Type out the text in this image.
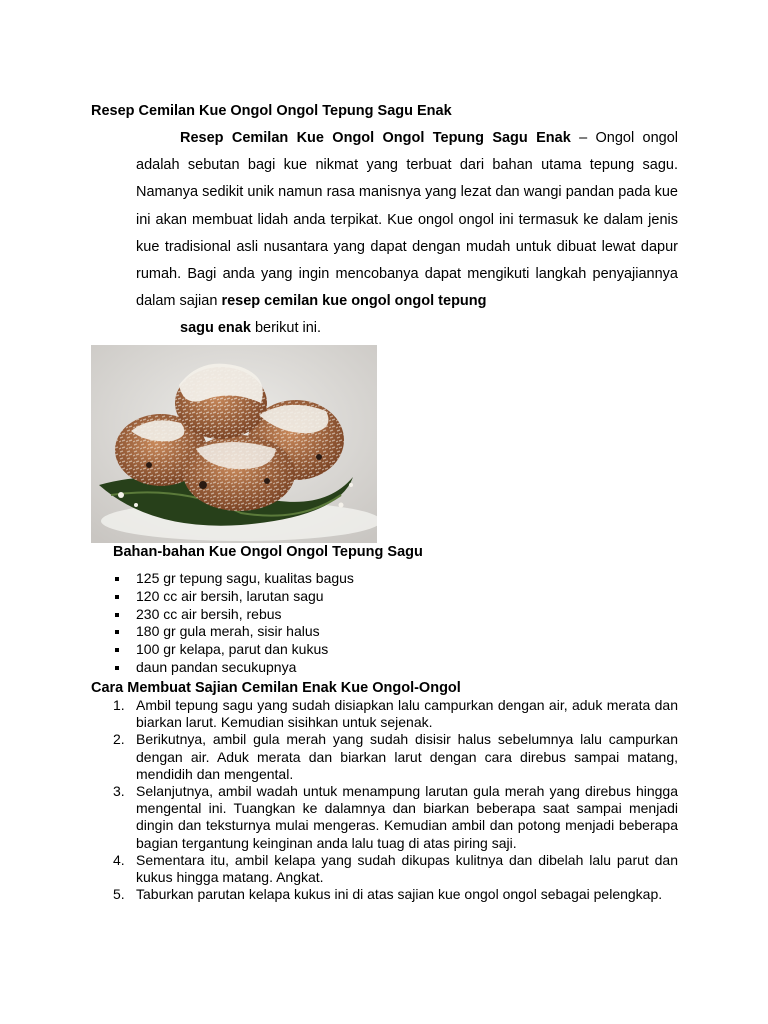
Resep Cemilan Kue Ongol Ongol Tepung Sagu Enak

Resep Cemilan Kue Ongol Ongol Tepung Sagu Enak – Ongol ongol adalah sebutan bagi kue nikmat yang terbuat dari bahan utama tepung sagu. Namanya sedikit unik namun rasa manisnya yang lezat dan wangi pandan pada kue ini akan membuat lidah anda terpikat. Kue ongol ongol ini termasuk ke dalam jenis kue tradisional asli nusantara yang dapat dengan mudah untuk dibuat lewat dapur rumah. Bagi anda yang ingin mencobanya dapat mengikuti langkah penyajiannya dalam sajian resep cemilan kue ongol ongol tepung
sagu enak berikut ini.

Bahan-bahan Kue Ongol Ongol Tepung Sagu
125 gr tepung sagu, kualitas bagus
120 cc air bersih, larutan sagu
230 cc air bersih, rebus
180 gr gula merah, sisir halus
100 gr kelapa, parut dan kukus
daun pandan secukupnya
Cara Membuat Sajian Cemilan Enak Kue Ongol-Ongol
1. Ambil tepung sagu yang sudah disiapkan lalu campurkan dengan air, aduk merata dan biarkan larut. Kemudian sisihkan untuk sejenak.
2. Berikutnya, ambil gula merah yang sudah disisir halus sebelumnya lalu campurkan dengan air. Aduk merata dan biarkan larut dengan cara direbus sampai matang, mendidih dan mengental.
3. Selanjutnya, ambil wadah untuk menampung larutan gula merah yang direbus hingga mengental ini. Tuangkan ke dalamnya dan biarkan beberapa saat sampai menjadi dingin dan teksturnya mulai mengeras. Kemudian ambil dan potong menjadi beberapa bagian tergantung keinginan anda lalu tuag di atas piring saji.
4. Sementara itu, ambil kelapa yang sudah dikupas kulitnya dan dibelah lalu parut dan kukus hingga matang. Angkat.
5. Taburkan parutan kelapa kukus ini di atas sajian kue ongol ongol sebagai pelengkap.
